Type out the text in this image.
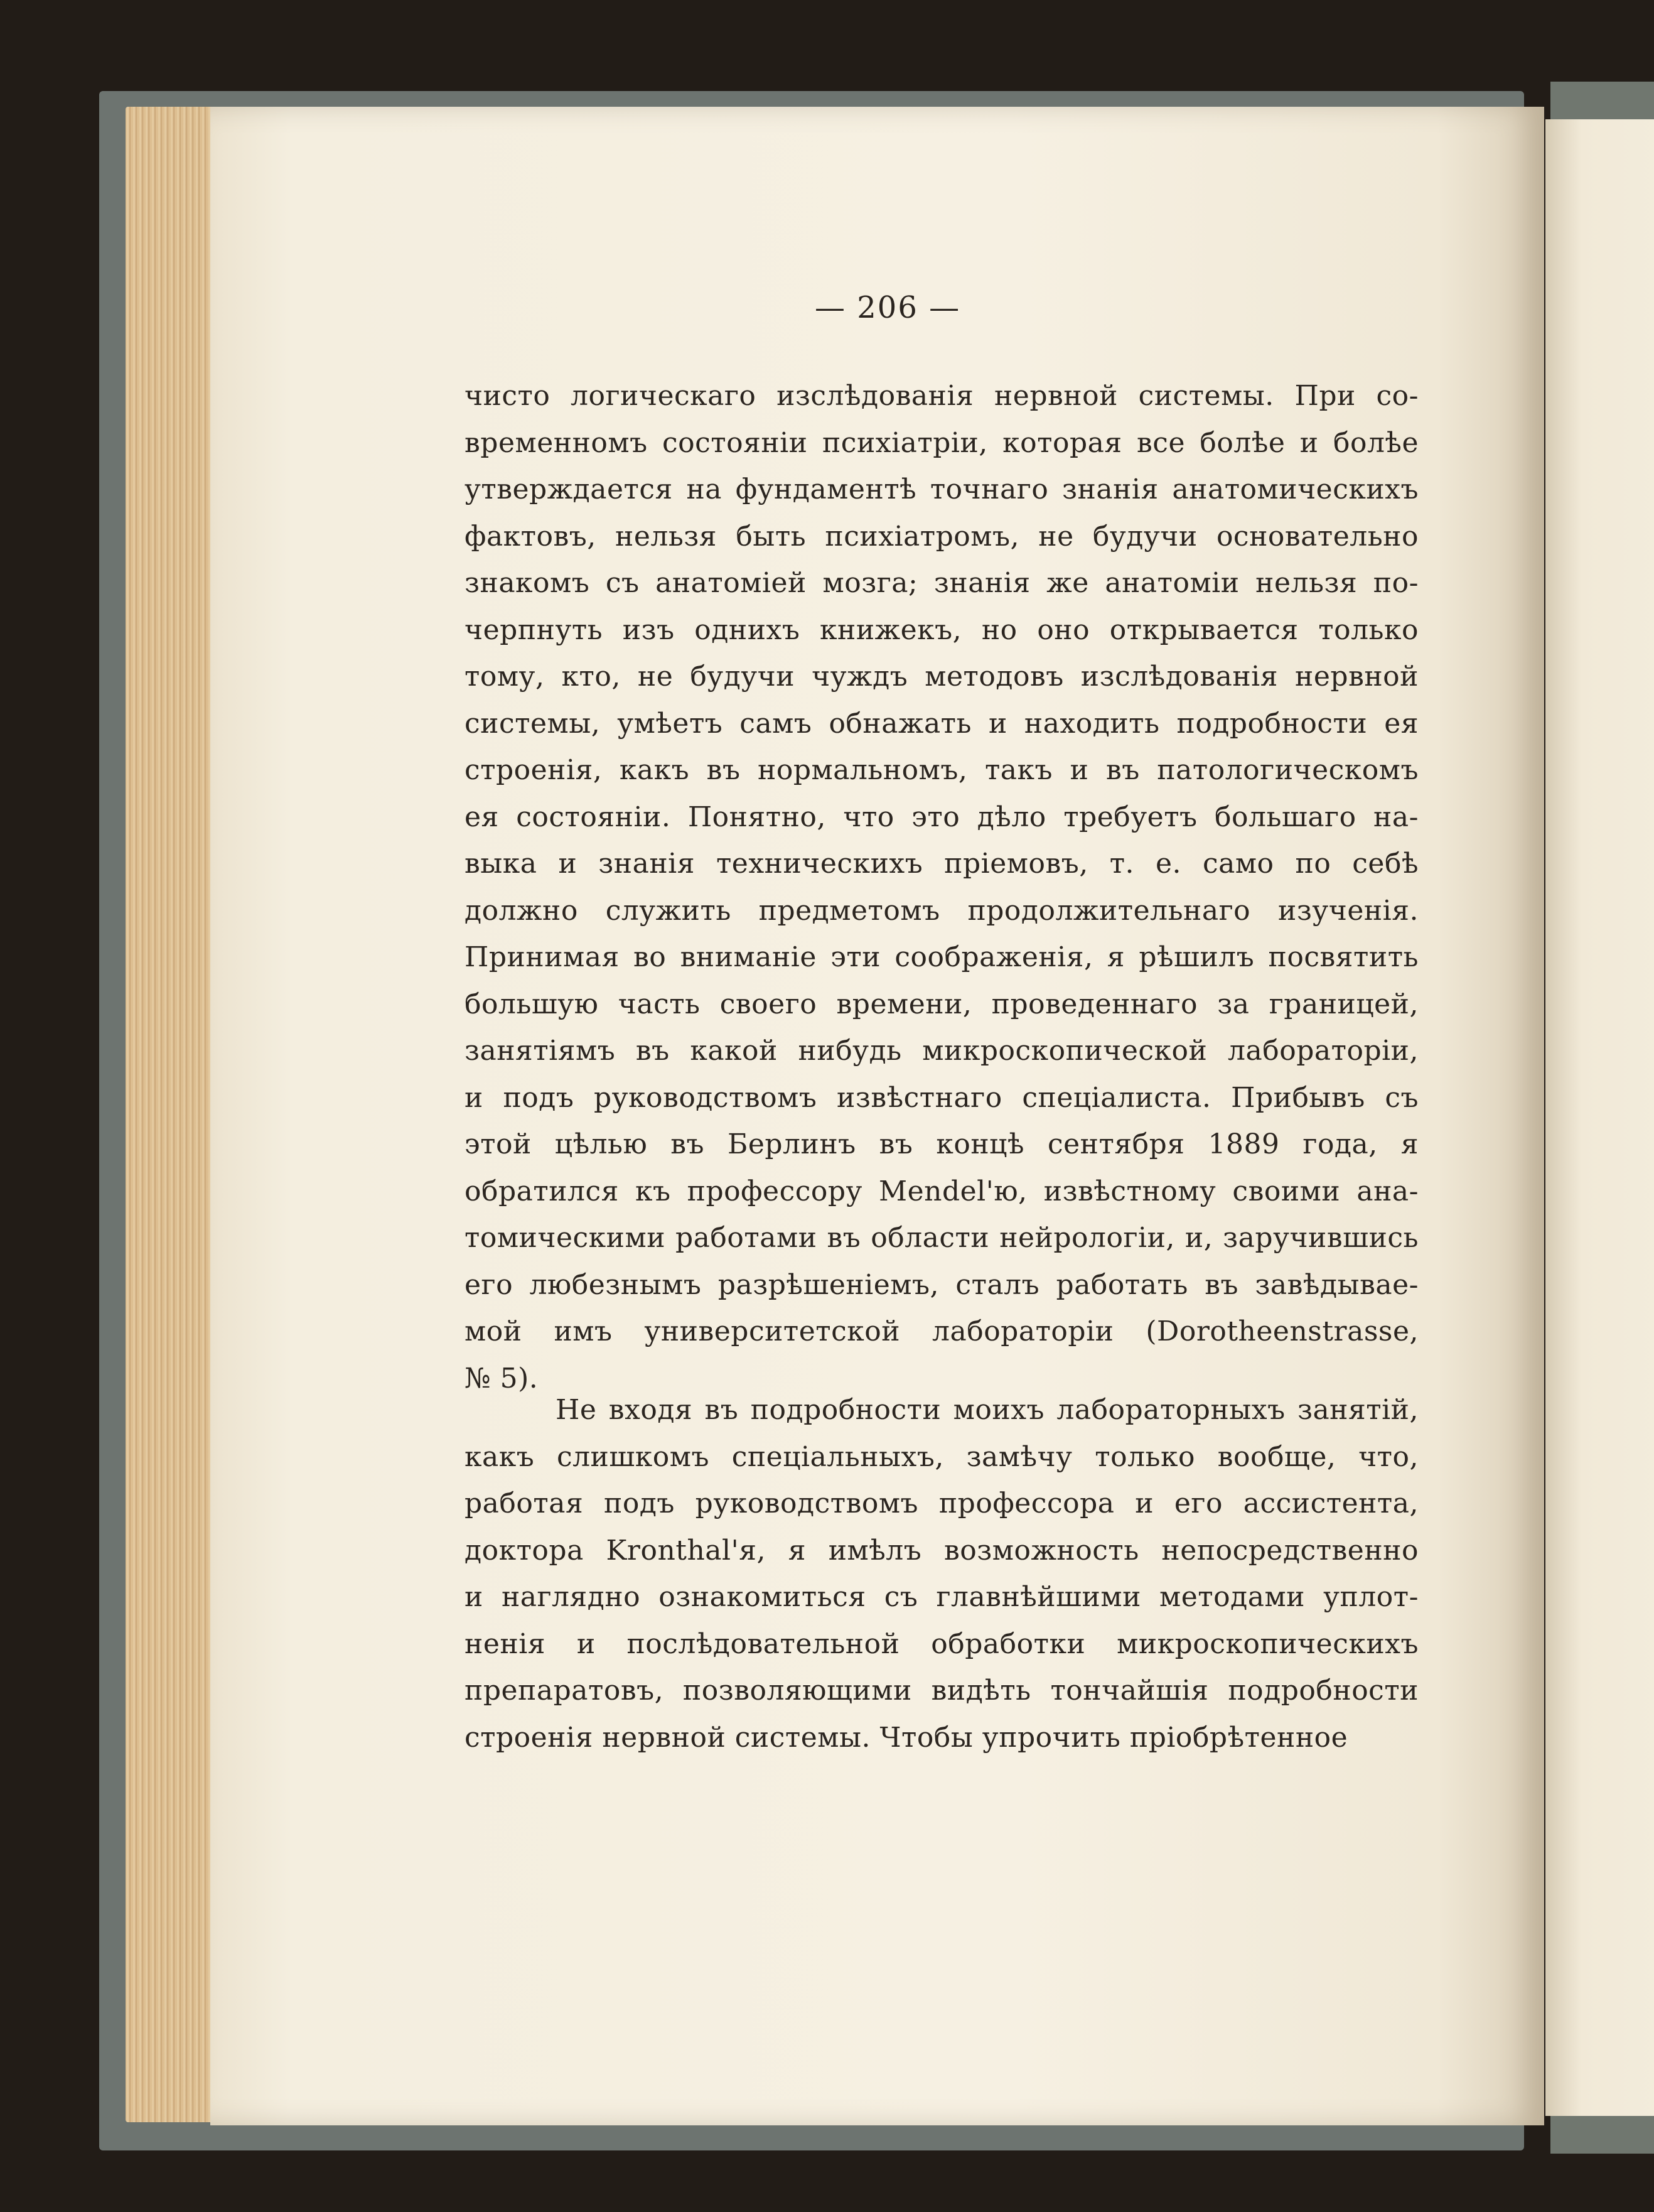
— 206 —
чисто логическаго изслѣдованія нервной системы. При со-
временномъ состояніи психіатріи, которая все болѣе и болѣе
утверждается на фундаментѣ точнаго знанія анатомическихъ
фактовъ, нельзя быть психіатромъ, не будучи основательно
знакомъ съ анатоміей мозга; знанія же анатоміи нельзя по-
черпнуть изъ однихъ книжекъ, но оно открывается только
тому, кто, не будучи чуждъ методовъ изслѣдованія нервной
системы, умѣетъ самъ обнажать и находить подробности ея
строенія, какъ въ нормальномъ, такъ и въ патологическомъ
ея состояніи. Понятно, что это дѣло требуетъ большаго на-
выка и знанія техническихъ пріемовъ, т. е. само по себѣ
должно служить предметомъ продолжительнаго изученія.
Принимая во вниманіе эти соображенія, я рѣшилъ посвятить
большую часть своего времени, проведеннаго за границей,
занятіямъ въ какой нибудь микроскопической лабораторіи,
и подъ руководствомъ извѣстнаго спеціалиста. Прибывъ съ
этой цѣлью въ Берлинъ въ концѣ сентября 1889 года, я
обратился къ профессору Mendel'ю, извѣстному своими ана-
томическими работами въ области нейрологіи, и, заручившись
его любезнымъ разрѣшеніемъ, сталъ работать въ завѣдываe-
мой имъ университетской лабораторіи (Dorotheenstrasse,
№ 5).
Не входя въ подробности моихъ лабораторныхъ занятій,
какъ слишкомъ спеціальныхъ, замѣчу только вообще, что,
работая подъ руководствомъ профессора и его ассистента,
доктора Kronthal'я, я имѣлъ возможность непосредственно
и наглядно ознакомиться съ главнѣйшими методами уплот-
ненія и послѣдовательной обработки микроскопическихъ
препаратовъ, позволяющими видѣть тончайшія подробности
строенія нервной системы. Чтобы упрочить пріобрѣтенное
